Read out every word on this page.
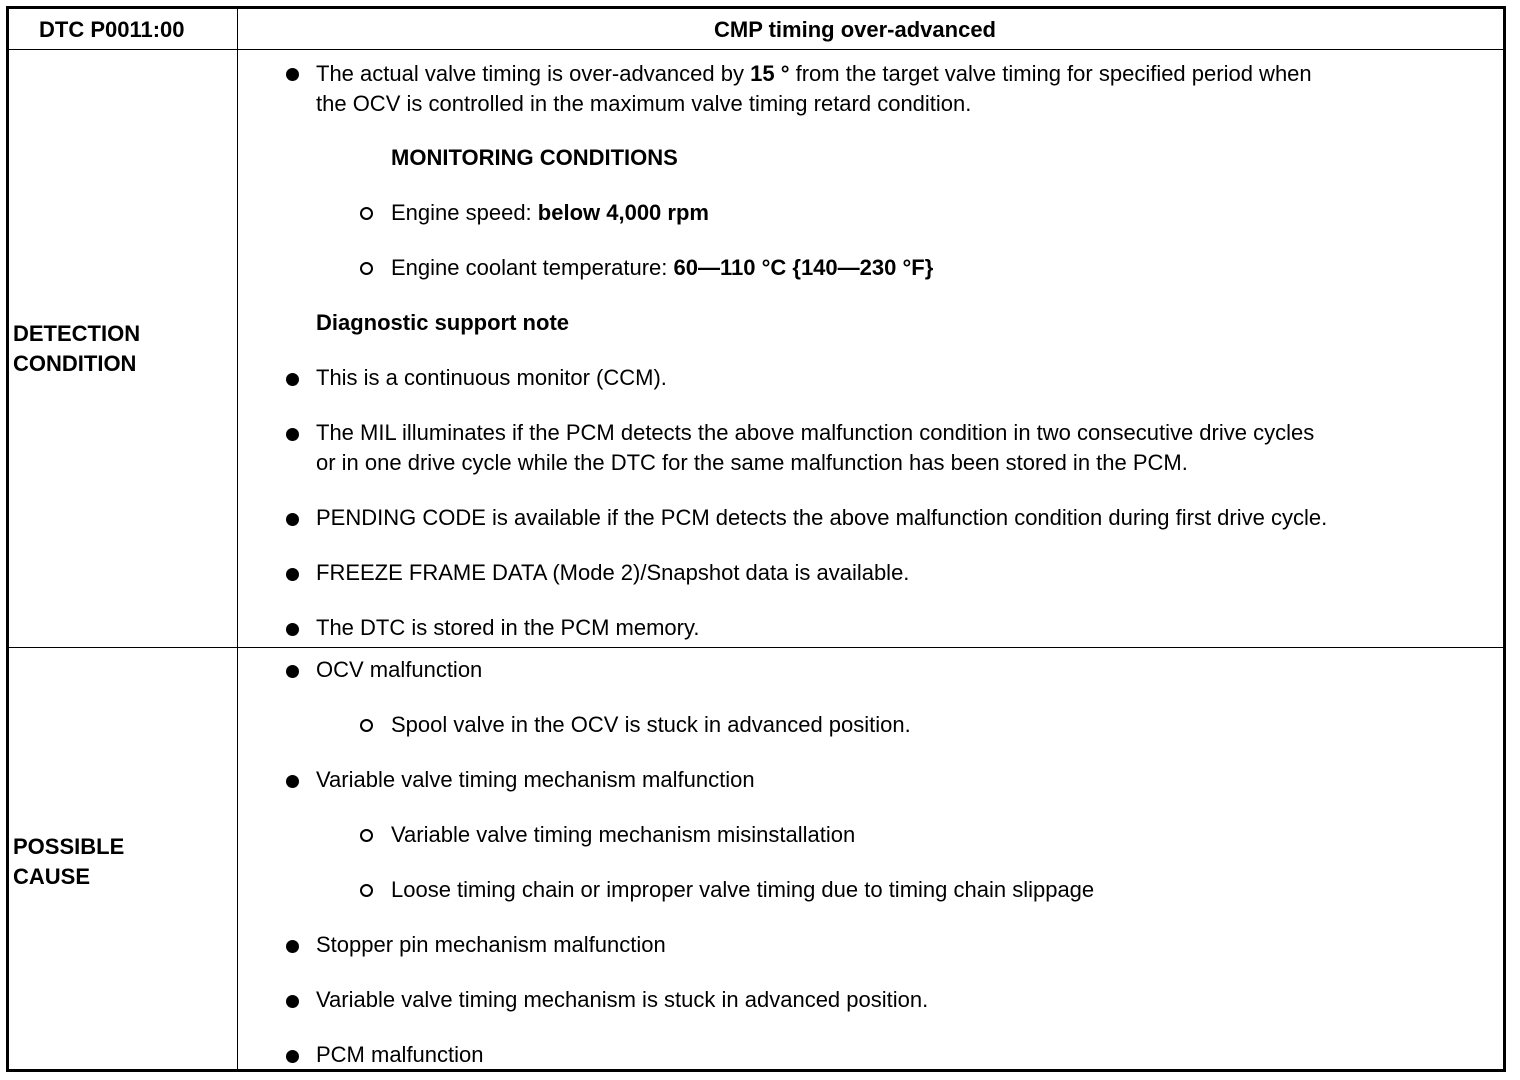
DTC P0011:00	CMP timing over-advanced
DETECTION
CONDITION
The actual valve timing is over-advanced by 15 ° from the target valve timing for specified period when
the OCV is controlled in the maximum valve timing retard condition.
MONITORING CONDITIONS
Engine speed: below 4,000 rpm
Engine coolant temperature: 60—110 °C {140—230 °F}
Diagnostic support note
This is a continuous monitor (CCM).
The MIL illuminates if the PCM detects the above malfunction condition in two consecutive drive cycles
or in one drive cycle while the DTC for the same malfunction has been stored in the PCM.
PENDING CODE is available if the PCM detects the above malfunction condition during first drive cycle.
FREEZE FRAME DATA (Mode 2)/Snapshot data is available.
The DTC is stored in the PCM memory.
POSSIBLE
CAUSE
OCV malfunction
Spool valve in the OCV is stuck in advanced position.
Variable valve timing mechanism malfunction
Variable valve timing mechanism misinstallation
Loose timing chain or improper valve timing due to timing chain slippage
Stopper pin mechanism malfunction
Variable valve timing mechanism is stuck in advanced position.
PCM malfunction
